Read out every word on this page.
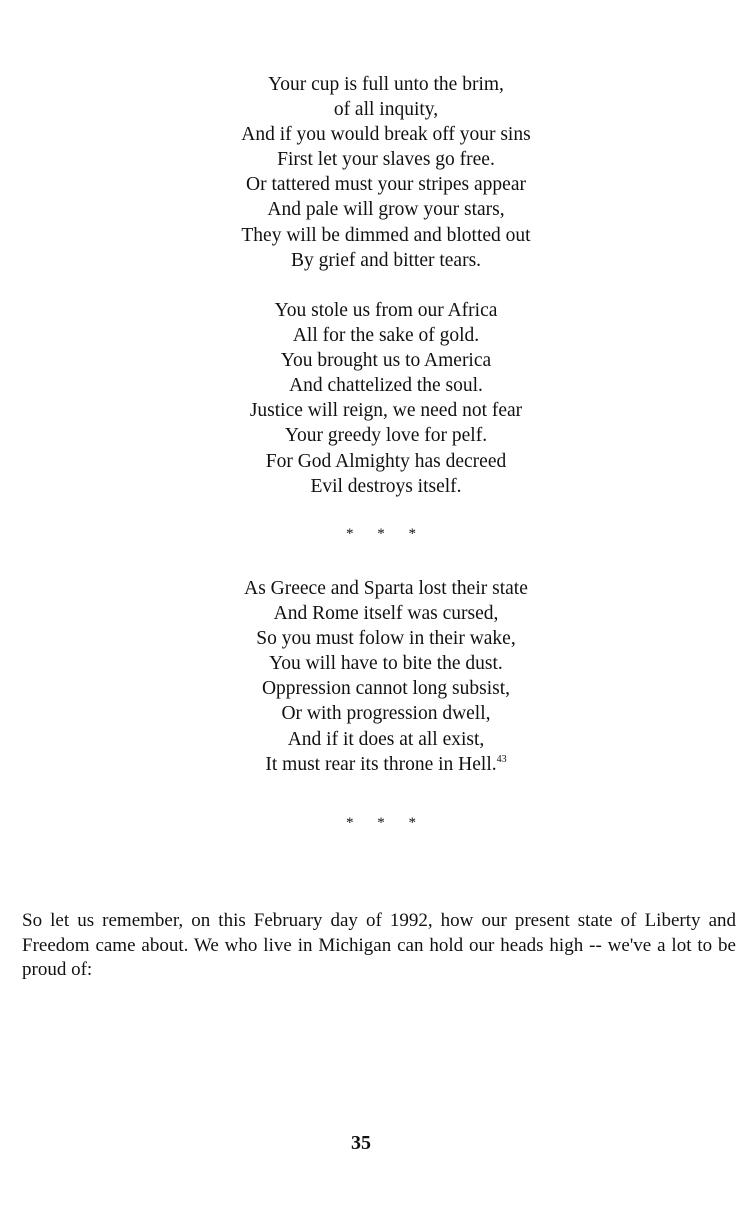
Your cup is full unto the brim,
of all inquity,
And if you would break off your sins
First let your slaves go free.
Or tattered must your stripes appear
And pale will grow your stars,
They will be dimmed and blotted out
By grief and bitter tears.
You stole us from our Africa
All for the sake of gold.
You brought us to America
And chattelized the soul.
Justice will reign, we need not fear
Your greedy love for pelf.
For God Almighty has decreed
Evil destroys itself.
* * *
As Greece and Sparta lost their state
And Rome itself was cursed,
So you must folow in their wake,
You will have to bite the dust.
Oppression cannot long subsist,
Or with progression dwell,
And if it does at all exist,
It must rear its throne in Hell.$^{43}$
* * *

So let us remember, on this February day of 1992, how our present state of Liberty and Freedom came about. We who live in Michigan can hold our heads high -- we've a lot to be proud of:

35
